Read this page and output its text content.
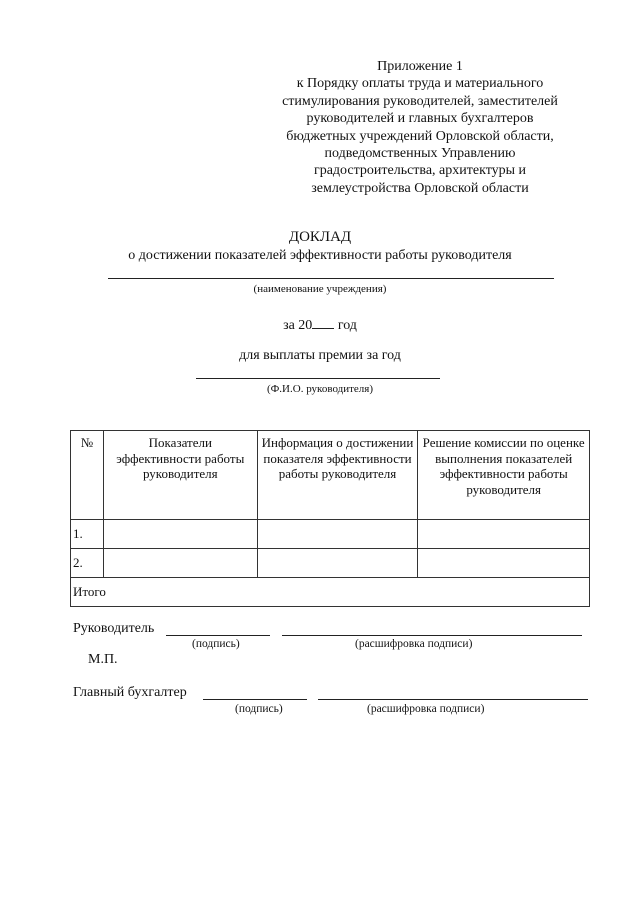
Приложение 1
к Порядку оплаты труда и материального
стимулирования руководителей, заместителей
руководителей и главных бухгалтеров
бюджетных учреждений Орловской области,
подведомственных Управлению
градостроительства, архитектуры и
землеустройства Орловской области
ДОКЛАД
о достижении показателей эффективности работы руководителя
(наименование учреждения)
за 20 год
для выплаты премии за год
(Ф.И.О. руководителя)
№	Показатели эффективности работы руководителя	Информация о достижении показателя эффективности работы руководителя	Решение комиссии по оценке выполнения показателей эффективности работы руководителя
1.			
2.			
Итого			
Руководитель
(подпись)	(расшифровка подписи)
М.П.
Главный бухгалтер
(подпись)	(расшифровка подписи)
